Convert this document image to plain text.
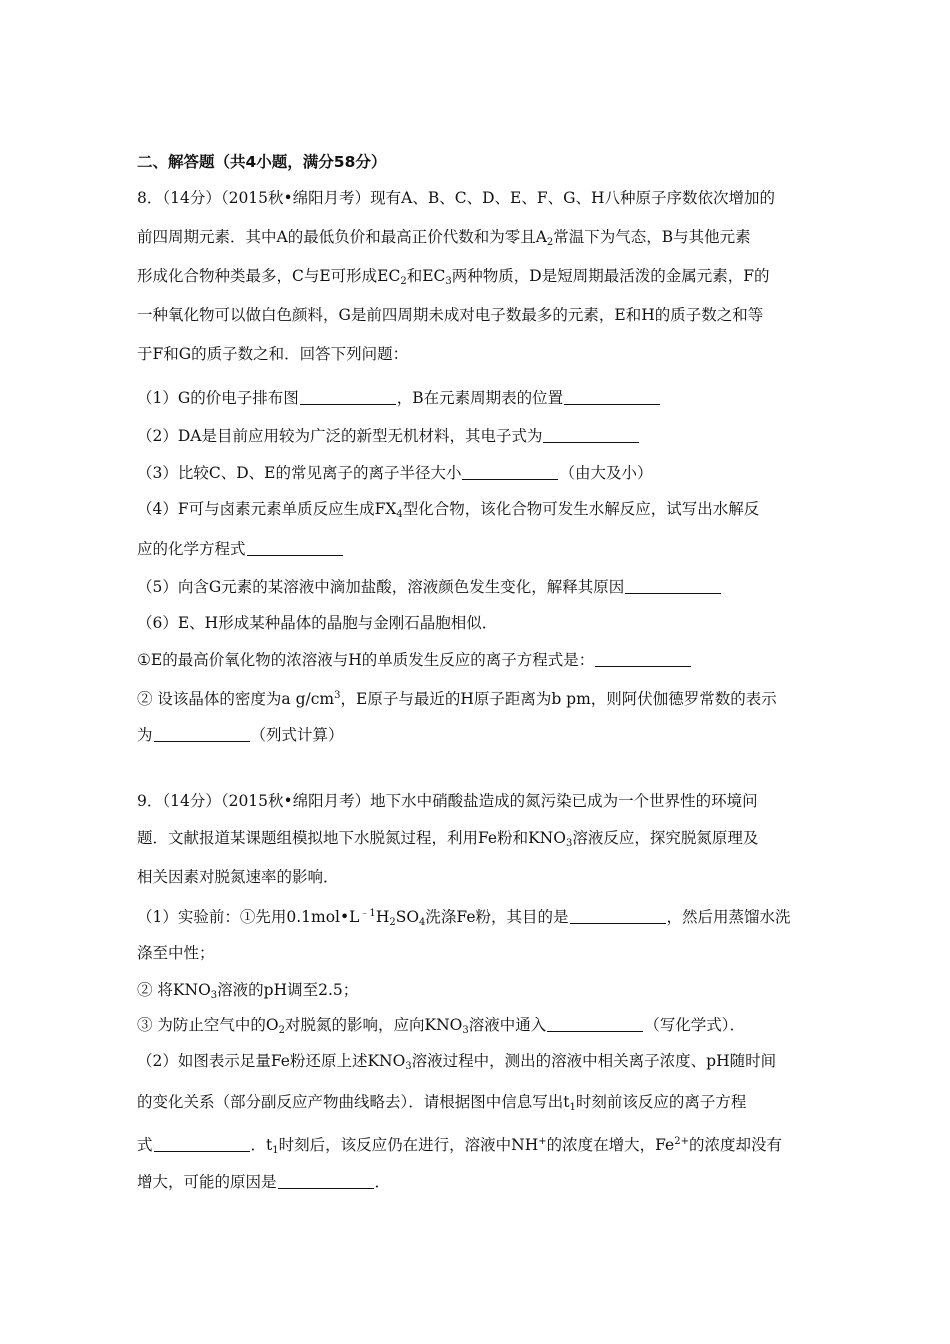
二、解答题（共4小题，满分58分）
8．（14分）（2015秋•绵阳月考）现有A、B、C、D、E、F、G、H八种原子序数依次增加的
前四周期元素．其中A的最低负价和最高正价代数和为零且$A_2$常温下为气态，B与其他元素
形成化合物种类最多，C与E可形成$EC_2$和$EC_3$两种物质，D是短周期最活泼的金属元素，F的
一种氧化物可以做白色颜料，G是前四周期未成对电子数最多的元素，E和H的质子数之和等
于F和G的质子数之和．回答下列问题：
（1）G的价电子排布图	，B在元素周期表的位置
（2）DA是目前应用较为广泛的新型无机材料，其电子式为
（3）比较C、D、E的常见离子的离子半径大小	（由大及小）
（4）F可与卤素元素单质反应生成$FX_4$型化合物，该化合物可发生水解反应，试写出水解反
应的化学方程式
（5）向含G元素的某溶液中滴加盐酸，溶液颜色发生变化，解释其原因
（6）E、H形成某种晶体的晶胞与金刚石晶胞相似．
①E的最高价氧化物的浓溶液与H的单质发生反应的离子方程式是：
② 设该晶体的密度为a $g/cm^3$，E原子与最近的H原子距离为b pm，则阿伏伽德罗常数的表示
为	（列式计算）
9．（14分）（2015秋•绵阳月考）地下水中硝酸盐造成的氮污染已成为一个世界性的环境问
题．文献报道某课题组模拟地下水脱氮过程，利用Fe粉和$KNO_3$溶液反应，探究脱氮原理及
相关因素对脱氮速率的影响．
（1）实验前：①先用$0.1mol•L^{﹣1}H_2SO_4$洗涤Fe粉，其目的是	，然后用蒸馏水洗
涤至中性；
② 将$KNO_3$溶液的pH调至2.5；
③ 为防止空气中的$O_2$对脱氮的影响，应向$KNO_3$溶液中通入	（写化学式）．
（2）如图表示足量Fe粉还原上述$KNO_3$溶液过程中，测出的溶液中相关离子浓度、pH随时间
的变化关系（部分副反应产物曲线略去）．请根据图中信息写出$t_1$时刻前该反应的离子方程
式	．$t_1$时刻后，该反应仍在进行，溶液中NH+的浓度在增大，$Fe^{2+}$的浓度却没有
增大，可能的原因是	．
